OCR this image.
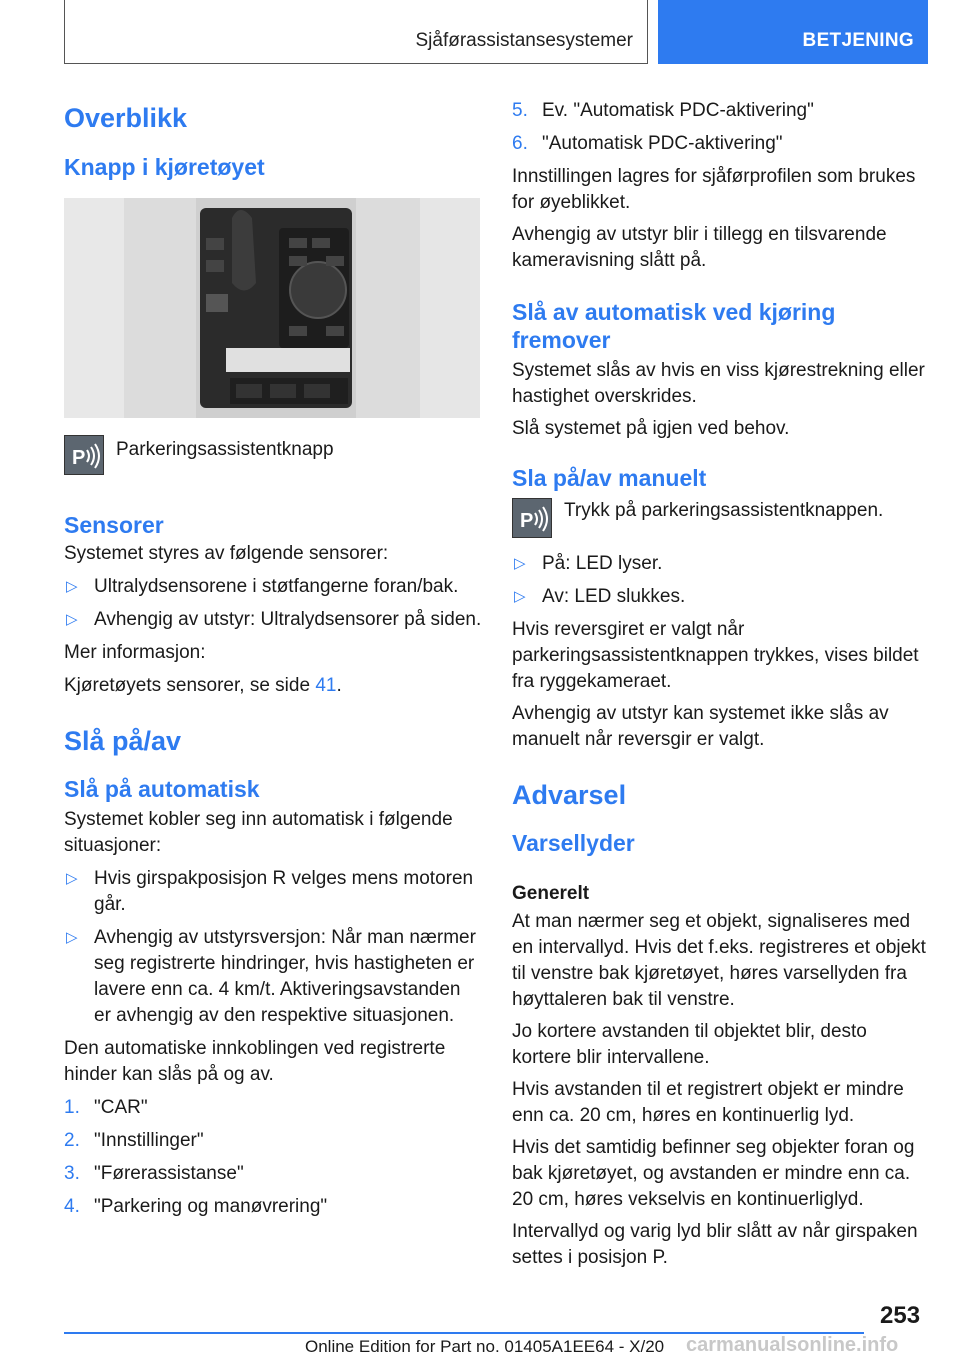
Sjåførassistansesystemer	BETJENING
Overblikk
Knapp i kjøretøyet
P	Parkeringsassistentknapp
Sensorer
Systemet styres av følgende sensorer:
▷ Ultralydsensorene i støtfangerne foran/bak.
▷ Avhengig av utstyr: Ultralydsensorer på siden.
Mer informasjon:
Kjøretøyets sensorer, se side 41.
Slå på/av
Slå på automatisk
Systemet kobler seg inn automatisk i følgende situasjoner:
▷ Hvis girspakposisjon R velges mens motoren går.
▷ Avhengig av utstyrsversjon: Når man nærmer seg registrerte hindringer, hvis hastigheten er lavere enn ca. 4 km/t. Aktiveringsavstanden er avhengig av den respektive situasjonen.
Den automatiske innkoblingen ved registrerte hinder kan slås på og av.
1. "CAR"
2. "Innstillinger"
3. "Førerassistanse"
4. "Parkering og manøvrering"
5. Ev. "Automatisk PDC-aktivering"
6. "Automatisk PDC-aktivering"
Innstillingen lagres for sjåførprofilen som brukes for øyeblikket.
Avhengig av utstyr blir i tillegg en tilsvarende kameravisning slått på.
Slå av automatisk ved kjøring fremover
Systemet slås av hvis en viss kjørestrekning eller hastighet overskrides.
Slå systemet på igjen ved behov.
Sla på/av manuelt
P	Trykk på parkeringsassistentknappen.
▷ På: LED lyser.
▷ Av: LED slukkes.
Hvis reversgiret er valgt når parkeringsassistentknappen trykkes, vises bildet fra ryggekameraet.
Avhengig av utstyr kan systemet ikke slås av manuelt når reversgir er valgt.
Advarsel
Varsellyder
Generelt
At man nærmer seg et objekt, signaliseres med en intervallyd. Hvis det f.eks. registreres et objekt til venstre bak kjøretøyet, høres varsellyden fra høyttaleren bak til venstre.
Jo kortere avstanden til objektet blir, desto kortere blir intervallene.
Hvis avstanden til et registrert objekt er mindre enn ca. 20 cm, høres en kontinuerlig lyd.
Hvis det samtidig befinner seg objekter foran og bak kjøretøyet, og avstanden er mindre enn ca. 20 cm, høres vekselvis en kontinuerliglyd.
Intervallyd og varig lyd blir slått av når girspaken settes i posisjon P.
253
Online Edition for Part no. 01405A1EE64 - X/20 carmanualsonline.info
